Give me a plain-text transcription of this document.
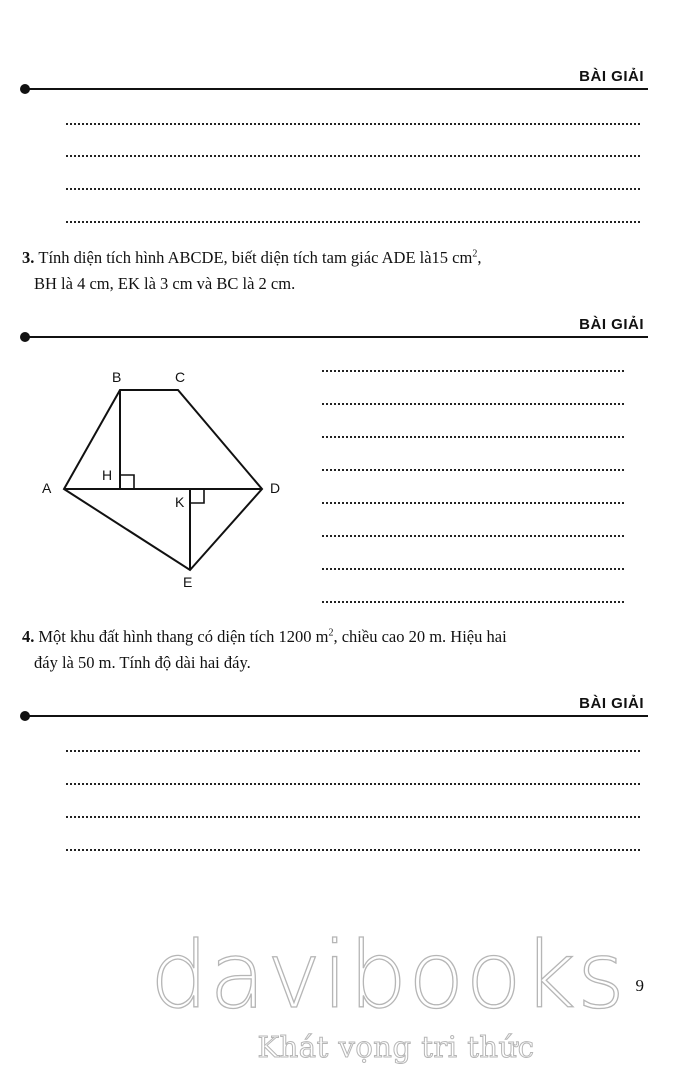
BÀI GIẢI
3. Tính diện tích hình ABCDE, biết diện tích tam giác ADE là15 $cm^2$,
BH là 4 cm, EK là 3 cm và BC là 2 cm.
BÀI GIẢI
B	C
A	D
H
K
E
4. Một khu đất hình thang có diện tích 1200 $m^2$, chiều cao 20 m. Hiệu hai
đáy là 50 m. Tính độ dài hai đáy.
BÀI GIẢI
davibooks
Khát vọng tri thức
9
